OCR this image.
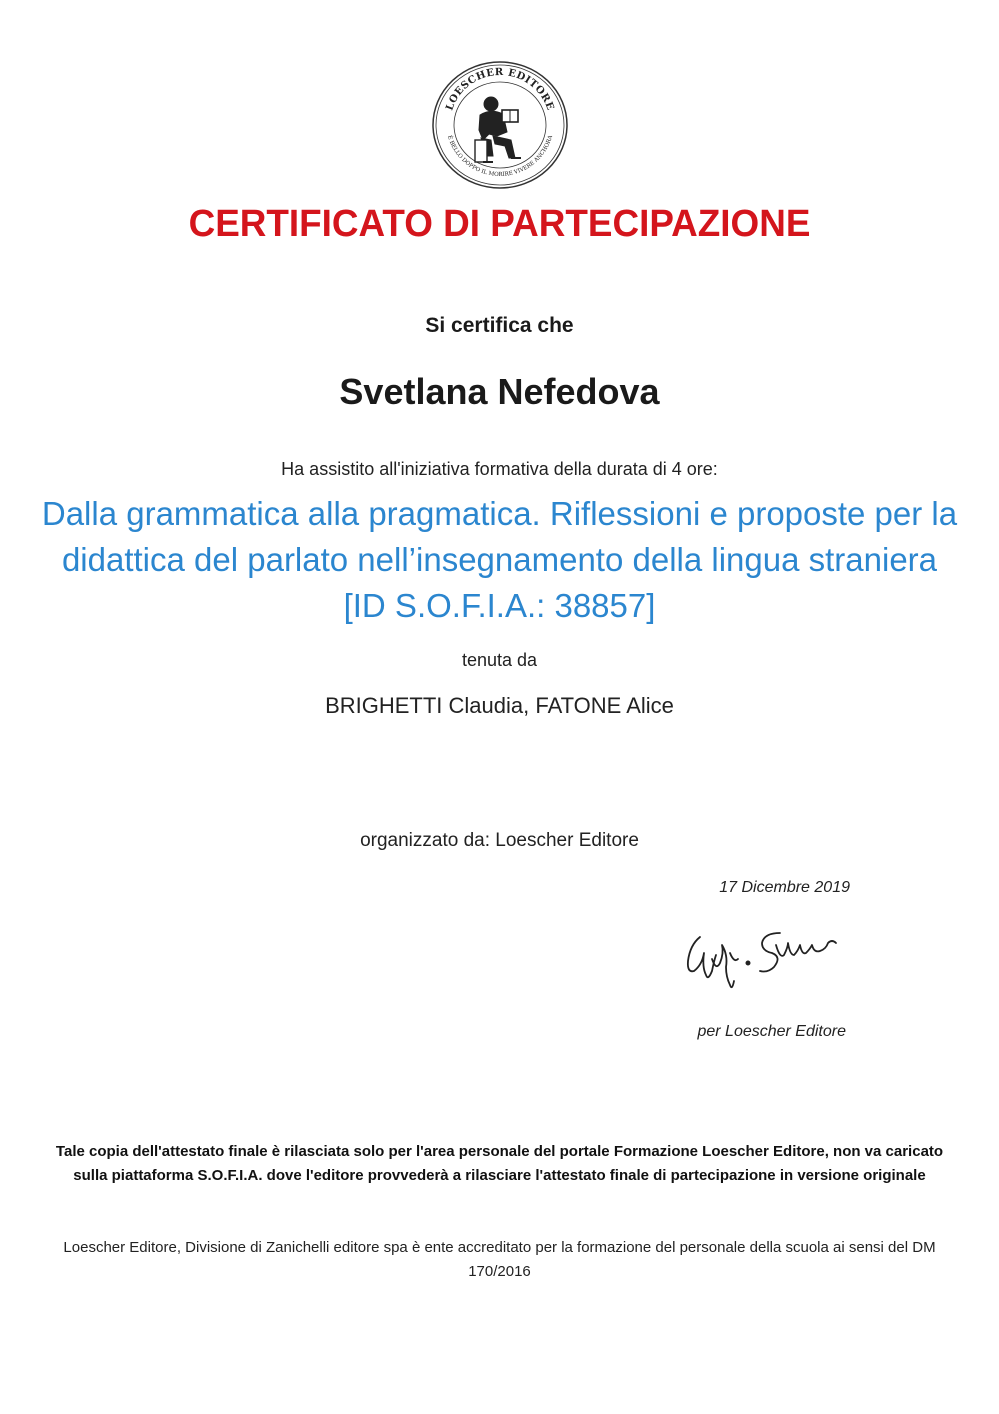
LOESCHER EDITORE
È BELLO DOPPO IL MORIRE VIVERE ANCHORA
CERTIFICATO DI PARTECIPAZIONE
Si certifica che
Svetlana Nefedova
Ha assistito all'iniziativa formativa della durata di 4 ore:
Dalla grammatica alla pragmatica. Riflessioni e proposte per la didattica del parlato nell’insegnamento della lingua straniera [ID S.O.F.I.A.: 38857]
tenuta da
BRIGHETTI Claudia, FATONE Alice
organizzato da: Loescher Editore
17 Dicembre 2019
per Loescher Editore
Tale copia dell'attestato finale è rilasciata solo per l'area personale del portale Formazione Loescher Editore, non va caricato sulla piattaforma S.O.F.I.A. dove l'editore provvederà a rilasciare l'attestato finale di partecipazione in versione originale
Loescher Editore, Divisione di Zanichelli editore spa è ente accreditato per la formazione del personale della scuola ai sensi del DM 170/2016
